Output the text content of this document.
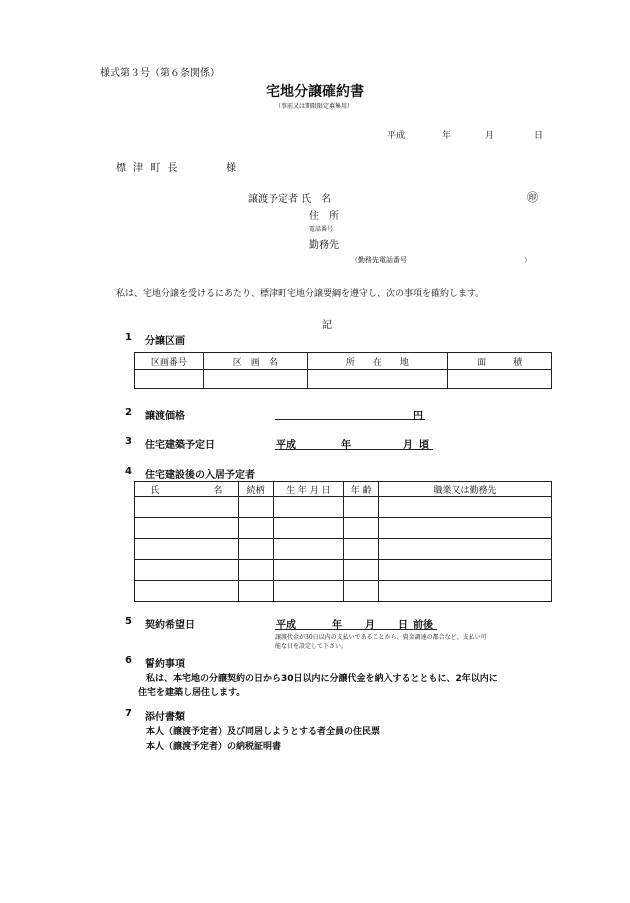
様式第３号（第６条関係）
宅地分譲確約書
（事前又は期限限定募集用）
平成	年	月	日
標 津 町 長	様
譲渡予定者 氏　名	㊞
住　所
電話番号
勤務先
（勤務先電話番号	）
私は、宅地分譲を受けるにあたり、標津町宅地分譲要綱を遵守し、次の事項を確約します。
記
1 分譲区画
区画番号	区　画　名	所　　在　　地	面　　　積

2 譲渡価格	円
3 住宅建築予定日	平成	年	月 頃
4 住宅建設後の入居予定者
氏　　　　　　名	続柄	生 年 月 日	年 齢	職業又は勤務先

5 契約希望日	平成	年 月 日 前後
譲渡代金が30日以内の支払いであることから、資金調達の都合など、支払い可
能な日を設定して下さい。
6 誓約事項
私は、本宅地の分譲契約の日から30日以内に分譲代金を納入するとともに、2年以内に
住宅を建築し居住します。
7 添付書類
本人（譲渡予定者）及び同居しようとする者全員の住民票
本人（譲渡予定者）の納税証明書
